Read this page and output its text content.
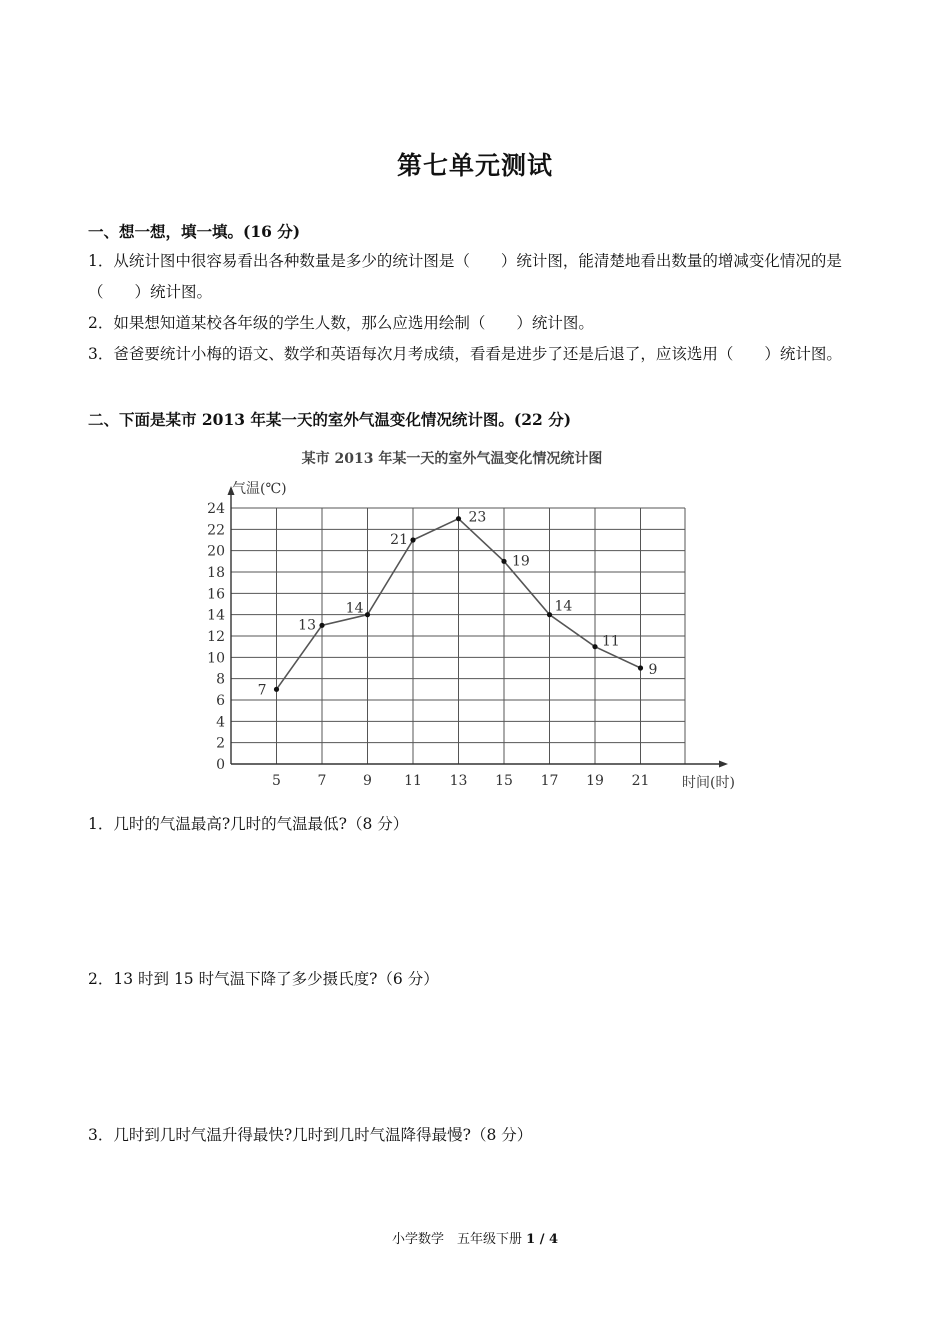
第七单元测试
一、想一想，填一填。(16 分)
1．从统计图中很容易看出各种数量是多少的统计图是（　　）统计图，能清楚地看出数量的增减变化情况的是（　　）统计图。
2．如果想知道某校各年级的学生人数，那么应选用绘制（　　）统计图。
3．爸爸要统计小梅的语文、数学和英语每次月考成绩，看看是进步了还是后退了，应该选用（　　）统计图。
二、下面是某市 2013 年某一天的室外气温变化情况统计图。(22 分)
某市 2013 年某一天的室外气温变化情况统计图
气温(℃)
时间(时)
0
2
4
6
8
10
12
14
16
18
20
22
24
5	7	9 11 13 15 17 19 21
7
13
14
21
23
19
14
11
9
1．几时的气温最高?几时的气温最低?（8 分）
2．13 时到 15 时气温下降了多少摄氏度?（6 分）
3．几时到几时气温升得最快?几时到几时气温降得最慢?（8 分）
小学数学　五年级下册 1 / 4
